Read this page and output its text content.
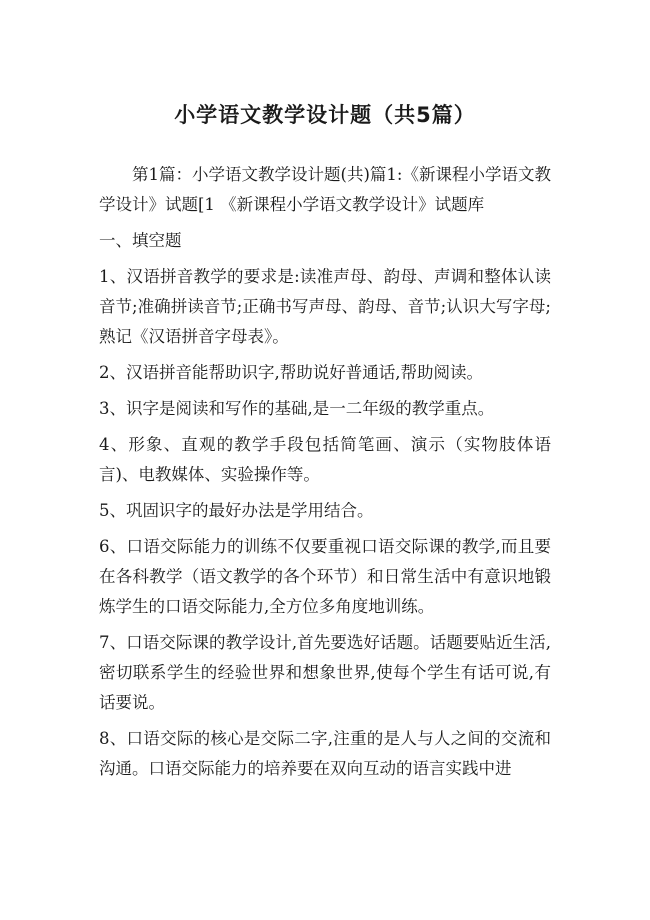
小学语文教学设计题（共5篇）

第1篇：小学语文教学设计题(共)篇1:《新课程小学语文教学设计》试题[1 《新课程小学语文教学设计》试题库

一、填空题

1、汉语拼音教学的要求是:读准声母、韵母、声调和整体认读音节;准确拼读音节;正确书写声母、韵母、音节;认识大写字母;熟记《汉语拼音字母表》。

2、汉语拼音能帮助识字,帮助说好普通话,帮助阅读。

3、识字是阅读和写作的基础,是一二年级的教学重点。

4、形象、直观的教学手段包括简笔画、演示（实物肢体语言)、电教媒体、实验操作等。

5、巩固识字的最好办法是学用结合。

6、口语交际能力的训练不仅要重视口语交际课的教学,而且要在各科教学（语文教学的各个环节）和日常生活中有意识地锻炼学生的口语交际能力,全方位多角度地训练。

7、口语交际课的教学设计,首先要选好话题。话题要贴近生活,密切联系学生的经验世界和想象世界,使每个学生有话可说,有话要说。

8、口语交际的核心是交际二字,注重的是人与人之间的交流和沟通。口语交际能力的培养要在双向互动的语言实践中进
